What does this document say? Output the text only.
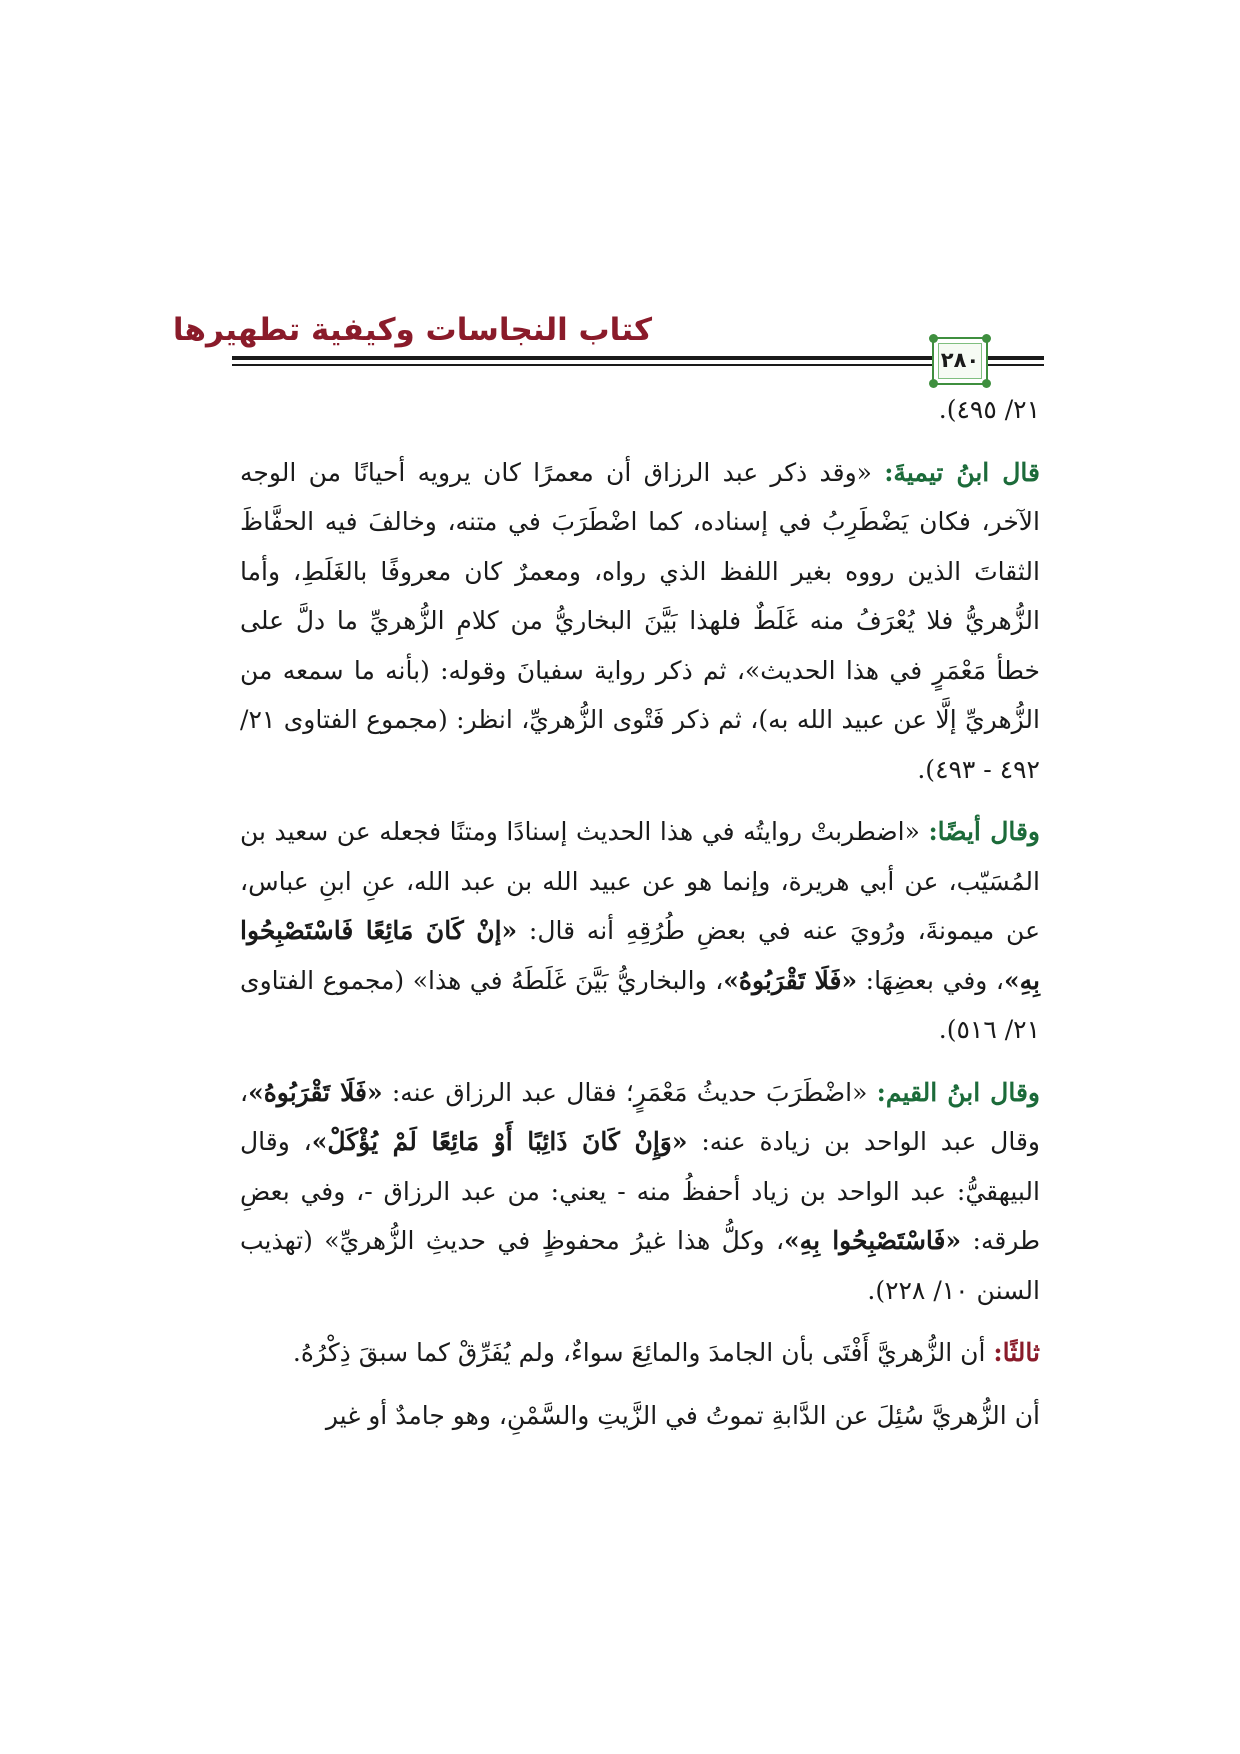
كتاب النجاسات وكيفية تطهيرها
٢٨٠

٢١/ ٤٩٥).

قال ابنُ تيميةَ: «وقد ذكر عبد الرزاق أن معمرًا كان يرويه أحيانًا من الوجه الآخر، فكان يَضْطَرِبُ في إسناده، كما اضْطَرَبَ في متنه، وخالفَ فيه الحفَّاظَ الثقاتَ الذين رووه بغير اللفظ الذي رواه، ومعمرٌ كان معروفًا بالغَلَطِ، وأما الزُّهريُّ فلا يُعْرَفُ منه غَلَطٌ فلهذا بَيَّنَ البخاريُّ من كلامِ الزُّهريِّ ما دلَّ على خطأ مَعْمَرٍ في هذا الحديث»، ثم ذكر رواية سفيانَ وقوله: (بأنه ما سمعه من الزُّهريِّ إلَّا عن عبيد الله به)، ثم ذكر فَتْوى الزُّهريِّ، انظر: (مجموع الفتاوى ٢١/ ٤٩٢ - ٤٩٣).

وقال أيضًا: «اضطربتْ روايتُه في هذا الحديث إسنادًا ومتنًا فجعله عن سعيد بن المُسَيّب، عن أبي هريرة، وإنما هو عن عبيد الله بن عبد الله، عنِ ابنِ عباس، عن ميمونةَ، ورُويَ عنه في بعضِ طُرُقِهِ أنه قال: «إنْ كَانَ مَائِعًا فَاسْتَصْبِحُوا بِهِ»، وفي بعضِهَا: «فَلَا تَقْرَبُوهُ»، والبخاريُّ بَيَّنَ غَلَطَهُ في هذا» (مجموع الفتاوى ٢١/ ٥١٦).

وقال ابنُ القيم: «اضْطَرَبَ حديثُ مَعْمَرٍ؛ فقال عبد الرزاق عنه: «فَلَا تَقْرَبُوهُ»، وقال عبد الواحد بن زيادة عنه: «وَإِنْ كَانَ ذَائِبًا أَوْ مَائِعًا لَمْ يُؤْكَلْ»، وقال البيهقيُّ: عبد الواحد بن زياد أحفظُ منه - يعني: من عبد الرزاق -، وفي بعضِ طرقه: «فَاسْتَصْبِحُوا بِهِ»، وكلُّ هذا غيرُ محفوظٍ في حديثِ الزُّهريِّ» (تهذيب السنن ١٠/ ٢٢٨).

ثالثًا: أن الزُّهريَّ أَفْتَى بأن الجامدَ والمائِعَ سواءٌ، ولم يُفَرِّقْ كما سبقَ ذِكْرُهُ.

أن الزُّهريَّ سُئِلَ عن الدَّابةِ تموتُ في الزَّيتِ والسَّمْنِ، وهو جامدٌ أو غير
